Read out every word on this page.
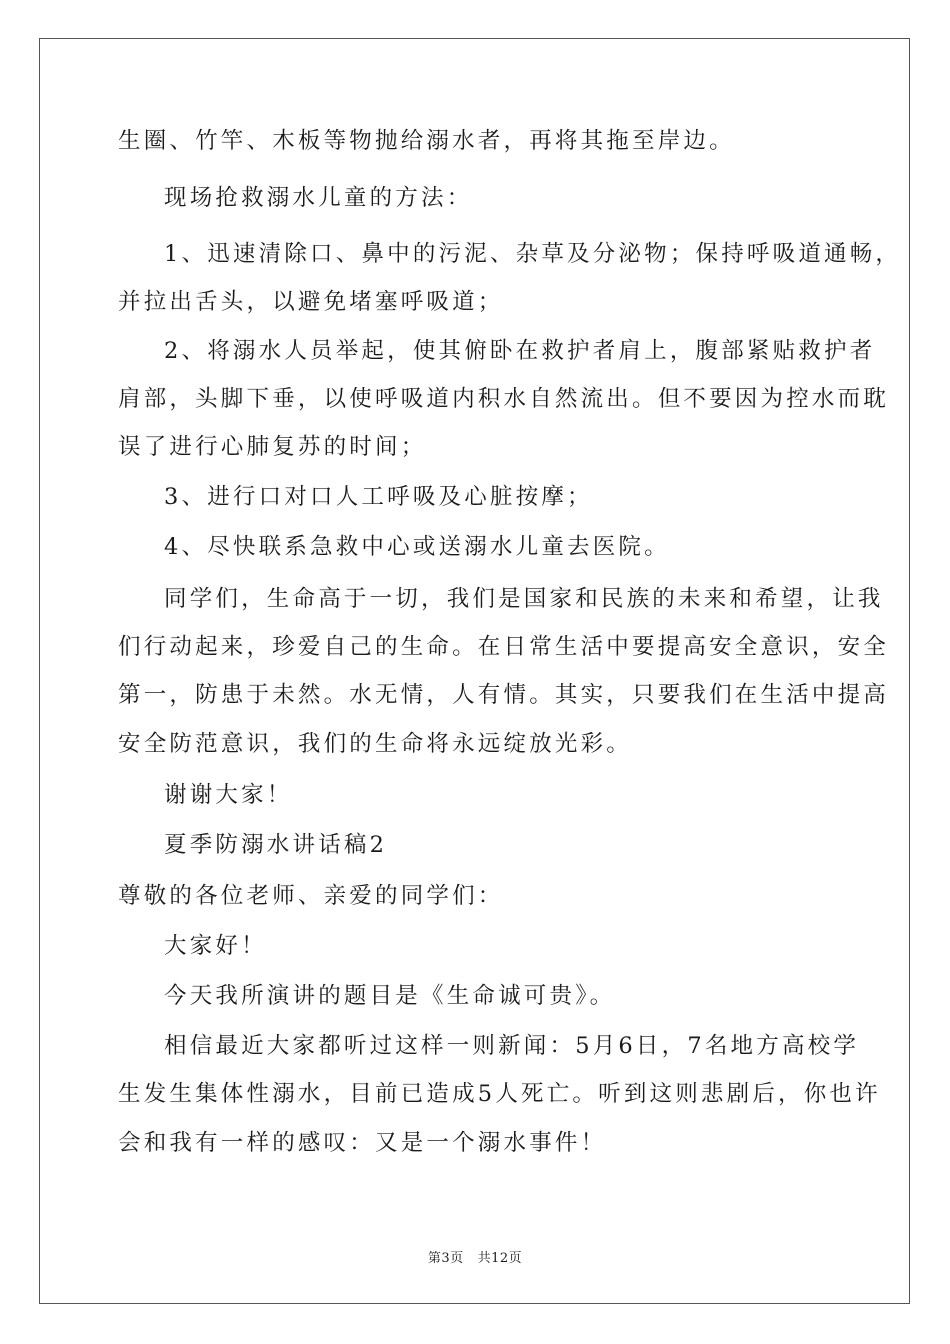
生圈、竹竿、木板等物抛给溺水者，再将其拖至岸边。
现场抢救溺水儿童的方法：
1、迅速清除口、鼻中的污泥、杂草及分泌物；保持呼吸道通畅，
并拉出舌头，以避免堵塞呼吸道；
2、将溺水人员举起，使其俯卧在救护者肩上，腹部紧贴救护者
肩部，头脚下垂，以使呼吸道内积水自然流出。但不要因为控水而耽
误了进行心肺复苏的时间；
3、进行口对口人工呼吸及心脏按摩；
4、尽快联系急救中心或送溺水儿童去医院。
同学们，生命高于一切，我们是国家和民族的未来和希望，让我
们行动起来，珍爱自己的生命。在日常生活中要提高安全意识，安全
第一，防患于未然。水无情，人有情。其实，只要我们在生活中提高
安全防范意识，我们的生命将永远绽放光彩。
谢谢大家！
夏季防溺水讲话稿2
尊敬的各位老师、亲爱的同学们：
大家好！
今天我所演讲的题目是《生命诚可贵》。
相信最近大家都听过这样一则新闻：5月6日，7名地方高校学
生发生集体性溺水，目前已造成5人死亡。听到这则悲剧后，你也许
会和我有一样的感叹：又是一个溺水事件！
第3页 共12页
